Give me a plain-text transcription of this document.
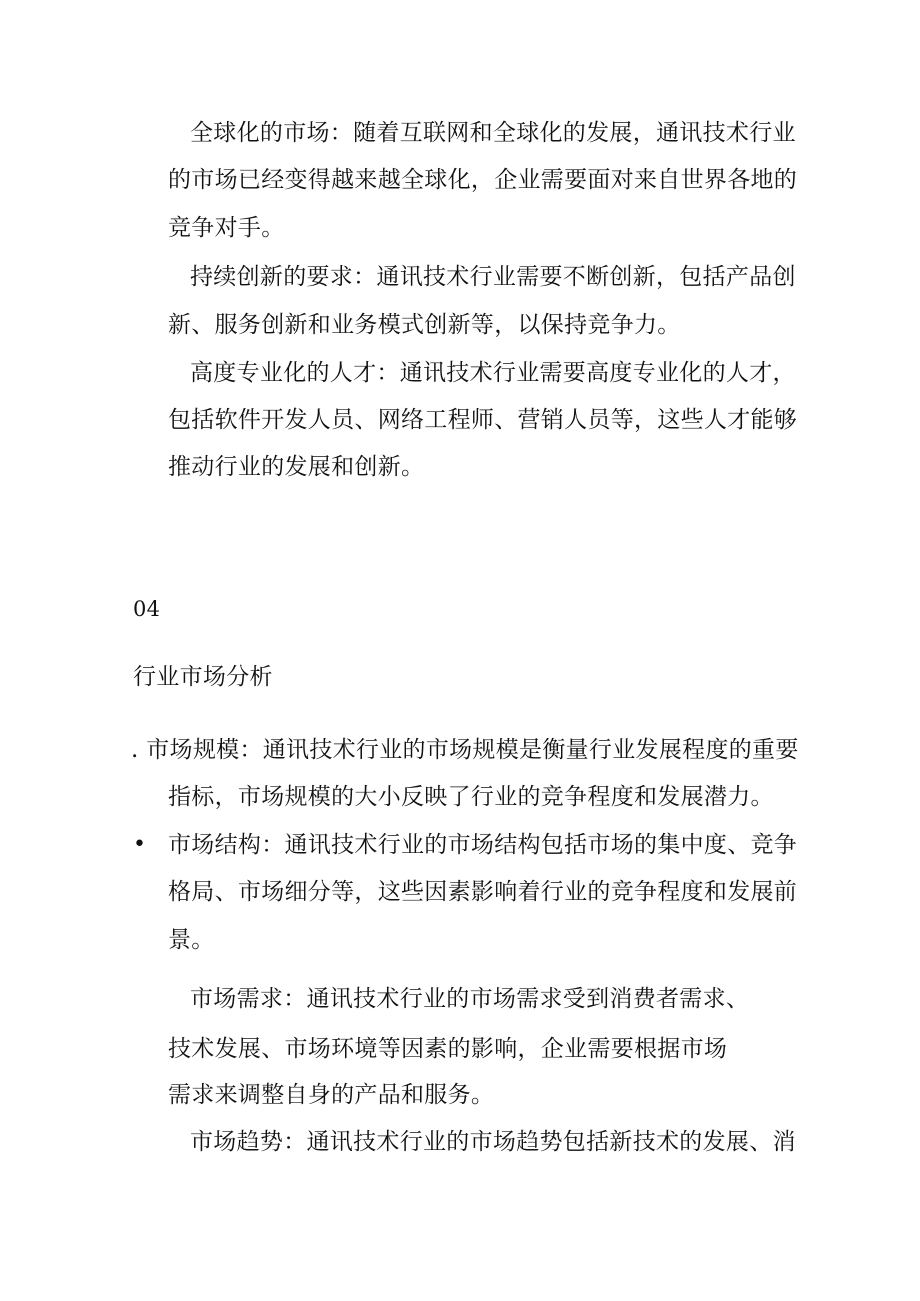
全球化的市场：随着互联网和全球化的发展，通讯技术行业
的市场已经变得越来越全球化，企业需要面对来自世界各地的
竞争对手。
持续创新的要求：通讯技术行业需要不断创新，包括产品创
新、服务创新和业务模式创新等，以保持竞争力。
高度专业化的人才：通讯技术行业需要高度专业化的人才，
包括软件开发人员、网络工程师、营销人员等，这些人才能够
推动行业的发展和创新。
04
行业市场分析
. 市场规模：通讯技术行业的市场规模是衡量行业发展程度的重要
指标，市场规模的大小反映了行业的竞争程度和发展潜力。
• 市场结构：通讯技术行业的市场结构包括市场的集中度、竞争
格局、市场细分等，这些因素影响着行业的竞争程度和发展前
景。
市场需求：通讯技术行业的市场需求受到消费者需求、
技术发展、市场环境等因素的影响，企业需要根据市场
需求来调整自身的产品和服务。
市场趋势：通讯技术行业的市场趋势包括新技术的发展、消
